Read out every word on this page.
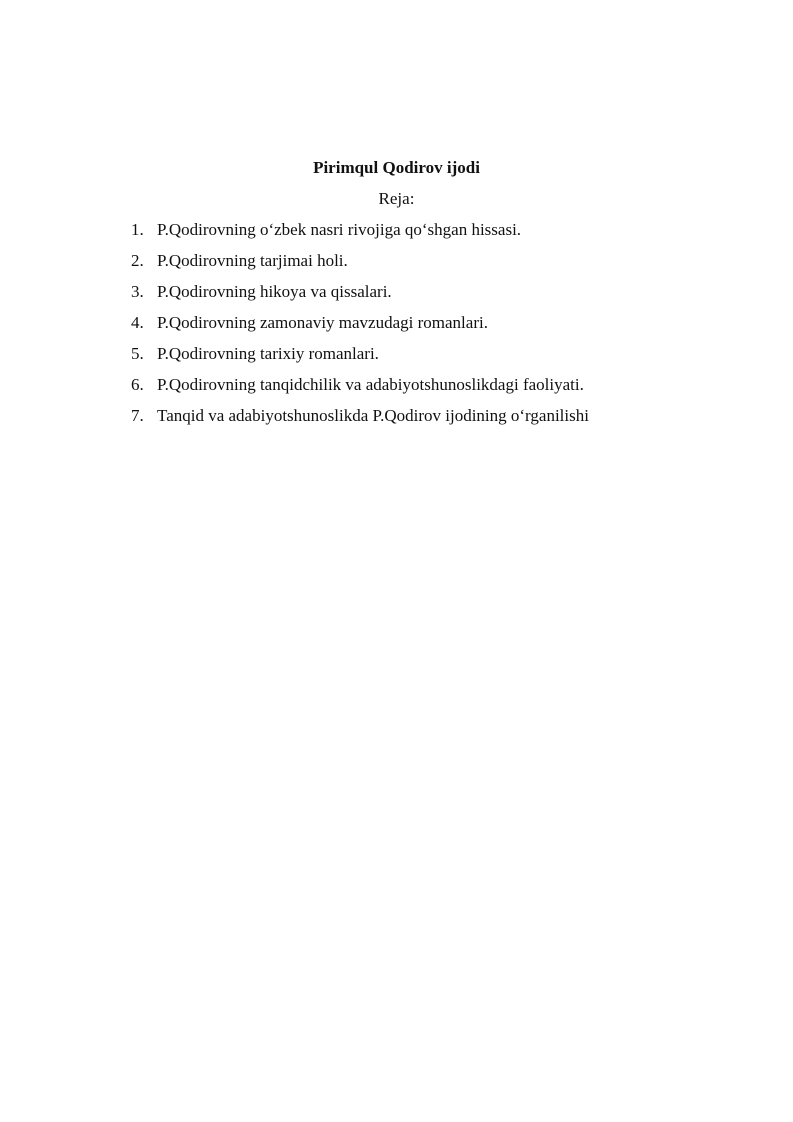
Pirimqul Qodirov ijodi
Reja:
1. P.Qodirovning o‘zbek nasri rivojiga qo‘shgan hissasi.
2. P.Qodirovning tarjimai holi.
3. P.Qodirovning hikoya va qissalari.
4. P.Qodirovning zamonaviy mavzudagi romanlari.
5. P.Qodirovning tarixiy romanlari.
6. P.Qodirovning tanqidchilik va adabiyotshunoslikdagi faoliyati.
7. Tanqid va adabiyotshunoslikda P.Qodirov ijodining o‘rganilishi
